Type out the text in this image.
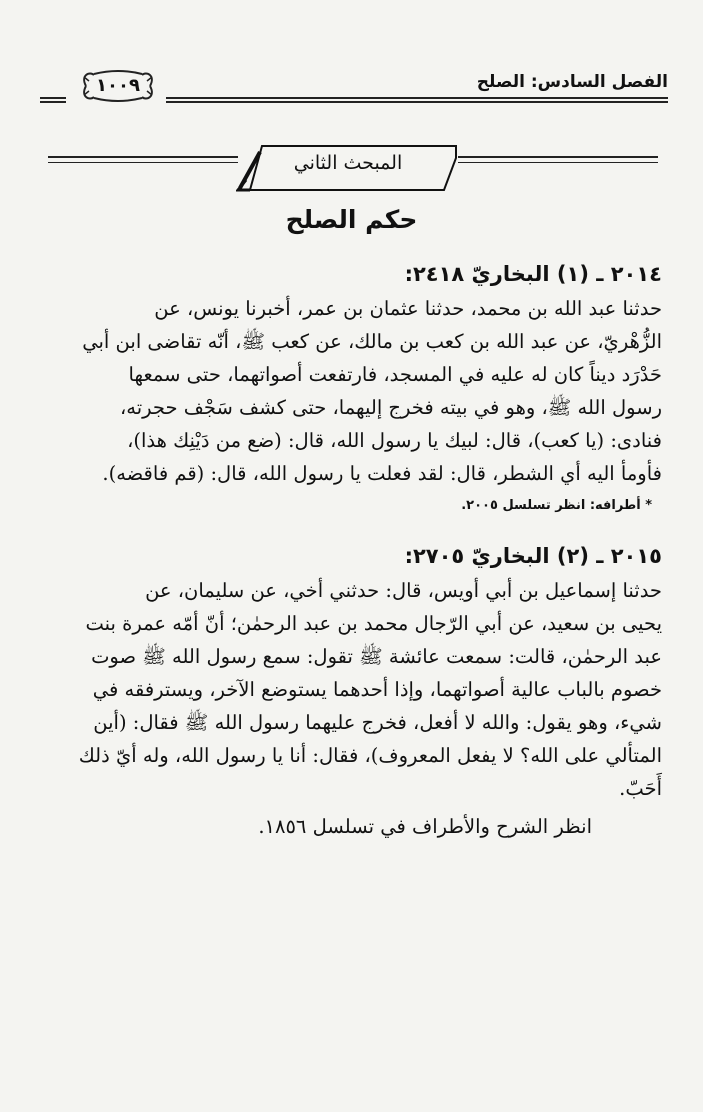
١٠٠٩	الفصل السادس: الصلح
المبحث الثاني
حكم الصلح
٢٠١٤ ـ (١) البخاريّ ٢٤١٨:

حدثنا عبد الله بن محمد، حدثنا عثمان بن عمر، أخبرنا يونس، عن

الزُّهْريّ، عن عبد الله بن كعب بن مالك، عن كعب ﷺ، أنّه تقاضى ابن أبي

حَدْرَد ديناً كان له عليه في المسجد، فارتفعت أصواتهما، حتى سمعها

رسول الله ﷺ، وهو في بيته فخرج إليهما، حتى كشف سَجْف حجرته،

فنادى: (يا كعب)، قال: لبيك يا رسول الله، قال: (ضع من دَيْنِك هذا)،

فأومأ اليه أي الشطر، قال: لقد فعلت يا رسول الله، قال: (قم فاقضه).

* أطرافه: انظر تسلسل ٢٠٠٥.
٢٠١٥ ـ (٢) البخاريّ ٢٧٠٥:

حدثنا إسماعيل بن أبي أويس، قال: حدثني أخي، عن سليمان، عن

يحيى بن سعيد، عن أبي الرّجال محمد بن عبد الرحمٰن؛ أنّ أمّه عمرة بنت

عبد الرحمٰن، قالت: سمعت عائشة ﷺ تقول: سمع رسول الله ﷺ صوت

خصوم بالباب عالية أصواتهما، وإذا أحدهما يستوضع الآخر، ويسترفقه في

شيء، وهو يقول: والله لا أفعل، فخرج عليهما رسول الله ﷺ فقال: (أين

المتألي على الله؟ لا يفعل المعروف)، فقال: أنا يا رسول الله، وله أيّ ذلك

أَحَبّ.

انظر الشرح والأطراف في تسلسل ١٨٥٦.
